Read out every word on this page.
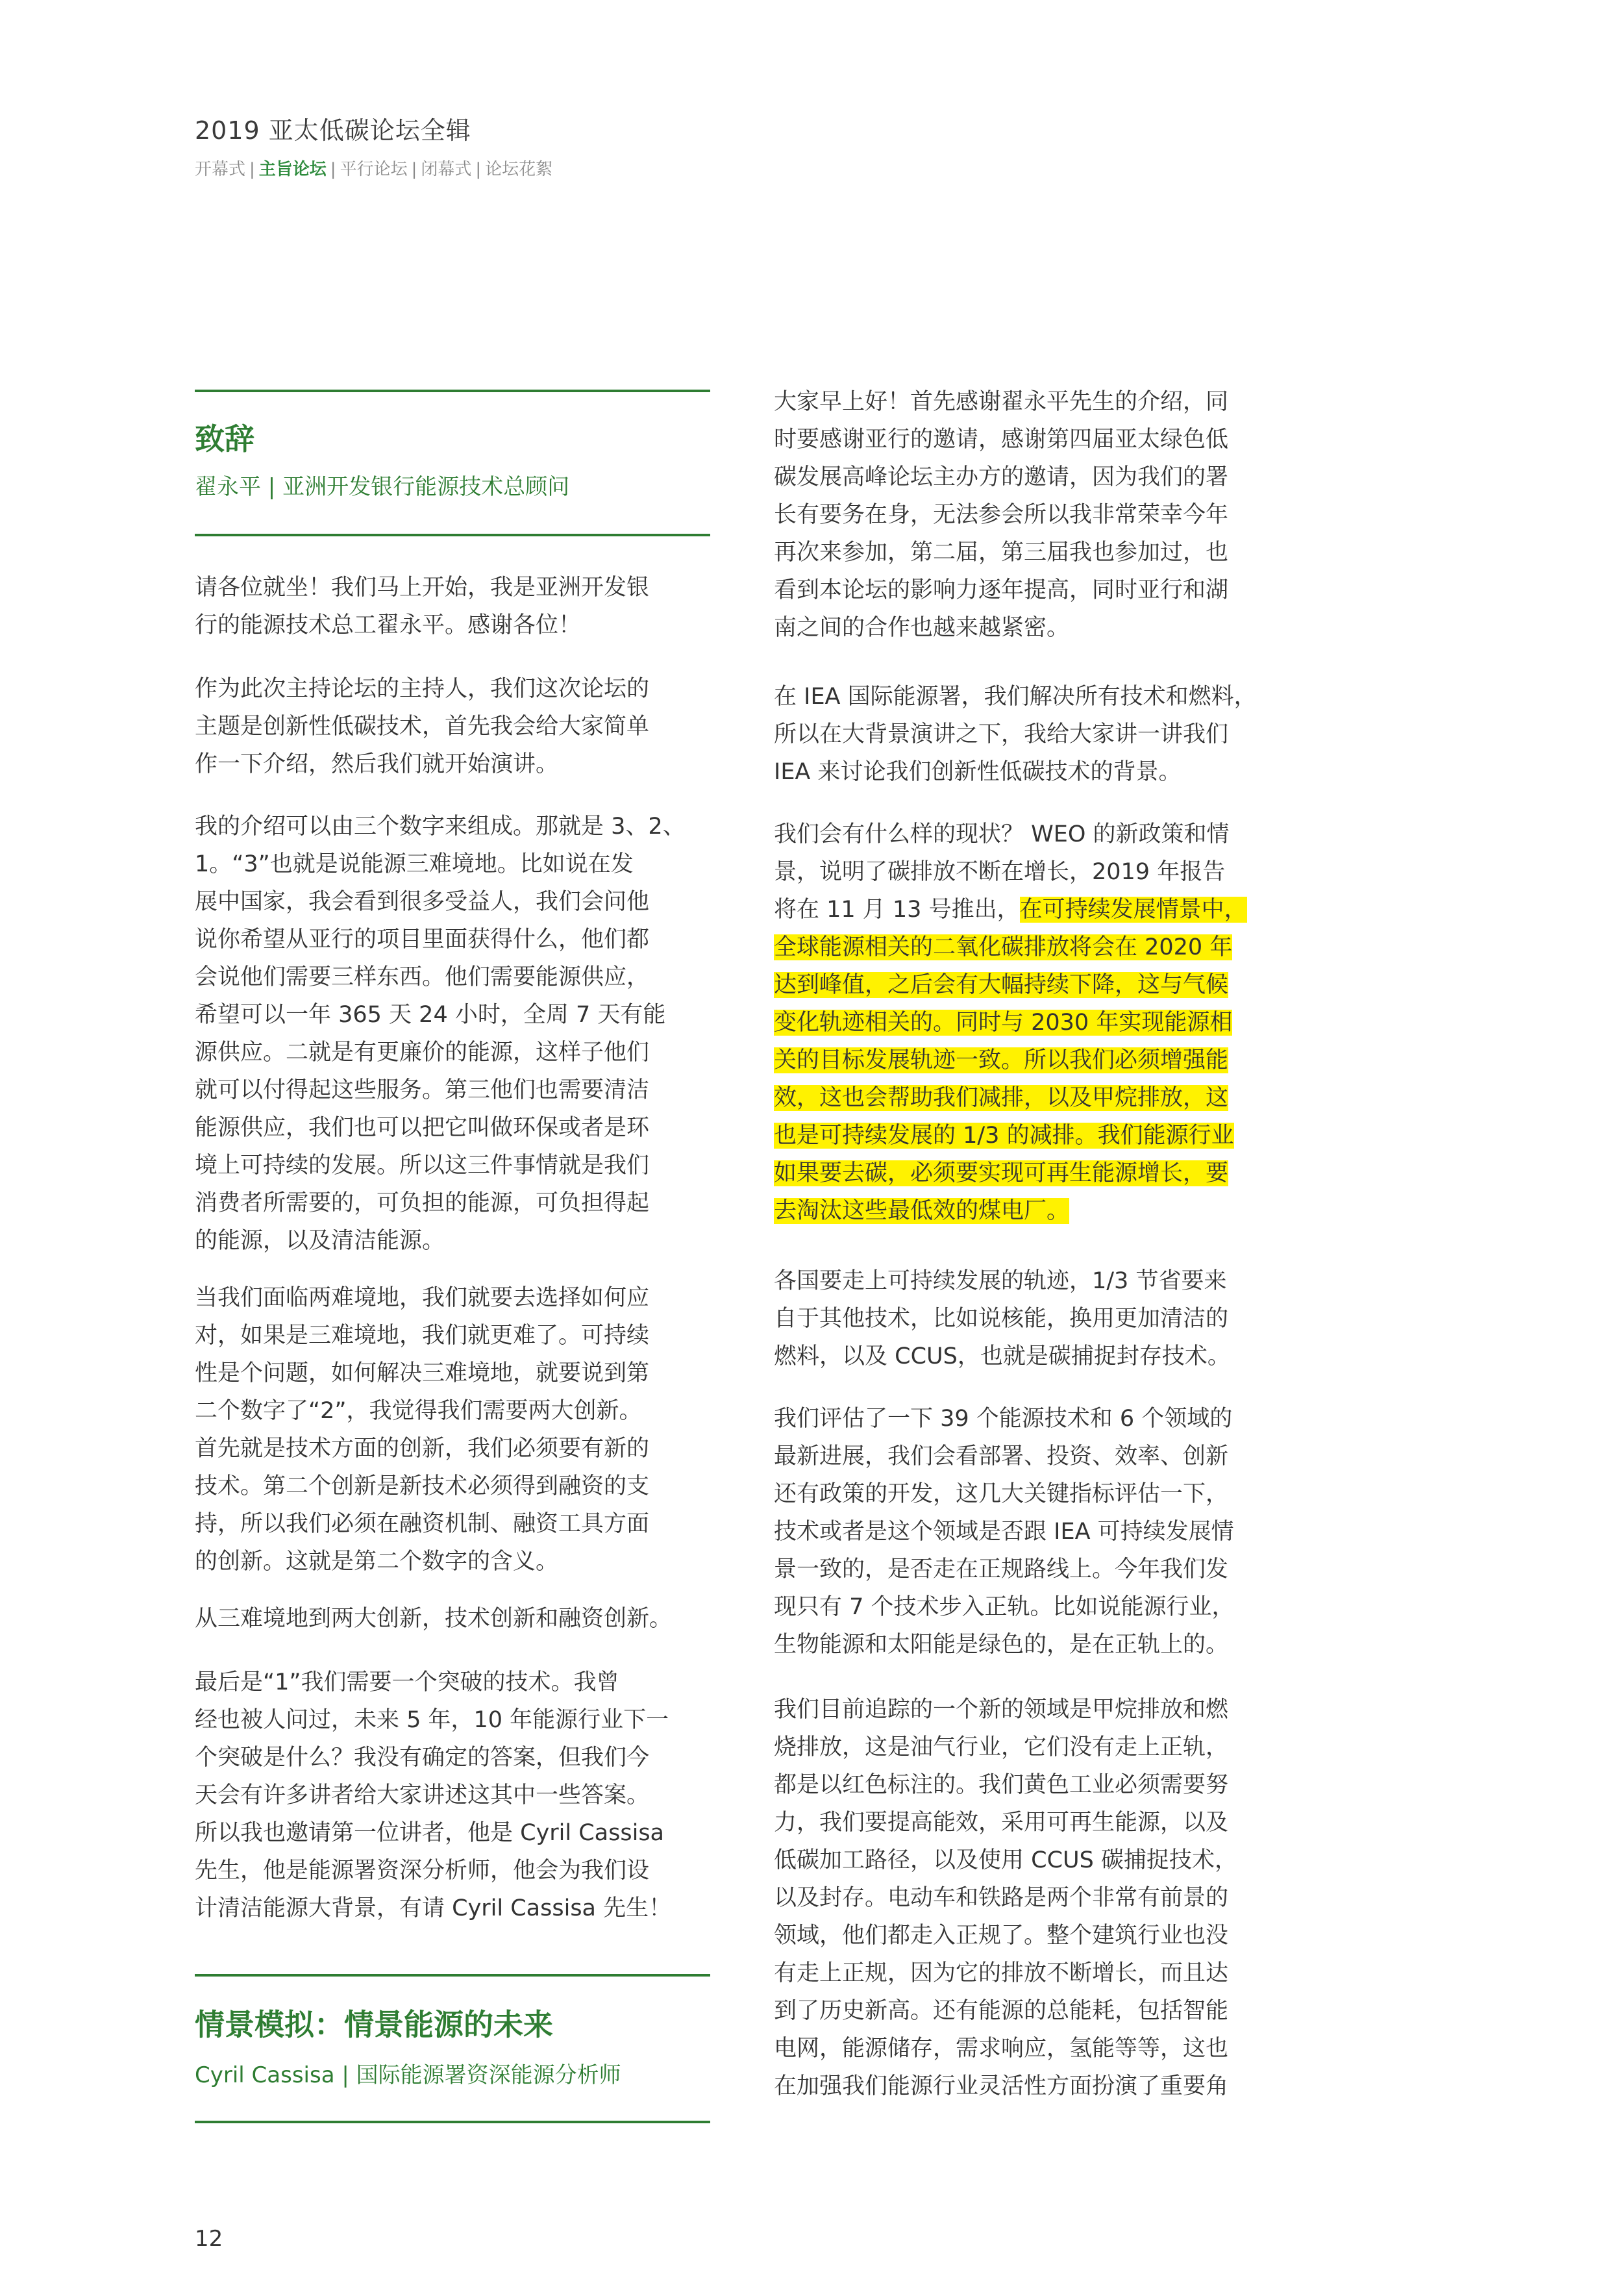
2019 亚太低碳论坛全辑
开幕式 | 主旨论坛 | 平行论坛 | 闭幕式 | 论坛花絮
致辞
翟永平 | 亚洲开发银行能源技术总顾问
请各位就坐！我们马上开始，我是亚洲开发银
行的能源技术总工翟永平。感谢各位！
作为此次主持论坛的主持人，我们这次论坛的
主题是创新性低碳技术，首先我会给大家简单
作一下介绍，然后我们就开始演讲。
我的介绍可以由三个数字来组成。那就是 3、2、
1。“3”也就是说能源三难境地。比如说在发
展中国家，我会看到很多受益人，我们会问他
说你希望从亚行的项目里面获得什么，他们都
会说他们需要三样东西。他们需要能源供应，
希望可以一年 365 天 24 小时，全周 7 天有能
源供应。二就是有更廉价的能源，这样子他们
就可以付得起这些服务。第三他们也需要清洁
能源供应，我们也可以把它叫做环保或者是环
境上可持续的发展。所以这三件事情就是我们
消费者所需要的，可负担的能源，可负担得起
的能源，以及清洁能源。
当我们面临两难境地，我们就要去选择如何应
对，如果是三难境地，我们就更难了。可持续
性是个问题，如何解决三难境地，就要说到第
二个数字了“2”，我觉得我们需要两大创新。
首先就是技术方面的创新，我们必须要有新的
技术。第二个创新是新技术必须得到融资的支
持，所以我们必须在融资机制、融资工具方面
的创新。这就是第二个数字的含义。
从三难境地到两大创新，技术创新和融资创新。
最后是“1”我们需要一个突破的技术。我曾
经也被人问过，未来 5 年，10 年能源行业下一
个突破是什么？我没有确定的答案，但我们今
天会有许多讲者给大家讲述这其中一些答案。
所以我也邀请第一位讲者，他是 Cyril Cassisa
先生，他是能源署资深分析师，他会为我们设
计清洁能源大背景，有请 Cyril Cassisa 先生！
情景模拟：情景能源的未来
Cyril Cassisa | 国际能源署资深能源分析师
大家早上好！首先感谢翟永平先生的介绍，同
时要感谢亚行的邀请，感谢第四届亚太绿色低
碳发展高峰论坛主办方的邀请，因为我们的署
长有要务在身，无法参会所以我非常荣幸今年
再次来参加，第二届，第三届我也参加过，也
看到本论坛的影响力逐年提高，同时亚行和湖
南之间的合作也越来越紧密。
在 IEA 国际能源署，我们解决所有技术和燃料，
所以在大背景演讲之下，我给大家讲一讲我们
IEA 来讨论我们创新性低碳技术的背景。
我们会有什么样的现状？ WEO 的新政策和情
景，说明了碳排放不断在增长，2019 年报告
将在 11 月 13 号推出，在可持续发展情景中，
全球能源相关的二氧化碳排放将会在 2020 年
达到峰值，之后会有大幅持续下降，这与气候
变化轨迹相关的。同时与 2030 年实现能源相
关的目标发展轨迹一致。所以我们必须增强能
效，这也会帮助我们减排，以及甲烷排放，这
也是可持续发展的 1/3 的减排。我们能源行业
如果要去碳，必须要实现可再生能源增长，要
去淘汰这些最低效的煤电厂。
各国要走上可持续发展的轨迹，1/3 节省要来
自于其他技术，比如说核能，换用更加清洁的
燃料，以及 CCUS，也就是碳捕捉封存技术。
我们评估了一下 39 个能源技术和 6 个领域的
最新进展，我们会看部署、投资、效率、创新
还有政策的开发，这几大关键指标评估一下，
技术或者是这个领域是否跟 IEA 可持续发展情
景一致的，是否走在正规路线上。今年我们发
现只有 7 个技术步入正轨。比如说能源行业，
生物能源和太阳能是绿色的，是在正轨上的。
我们目前追踪的一个新的领域是甲烷排放和燃
烧排放，这是油气行业，它们没有走上正轨，
都是以红色标注的。我们黄色工业必须需要努
力，我们要提高能效，采用可再生能源，以及
低碳加工路径，以及使用 CCUS 碳捕捉技术，
以及封存。电动车和铁路是两个非常有前景的
领域，他们都走入正规了。整个建筑行业也没
有走上正规，因为它的排放不断增长，而且达
到了历史新高。还有能源的总能耗，包括智能
电网，能源储存，需求响应，氢能等等，这也
在加强我们能源行业灵活性方面扮演了重要角
12
